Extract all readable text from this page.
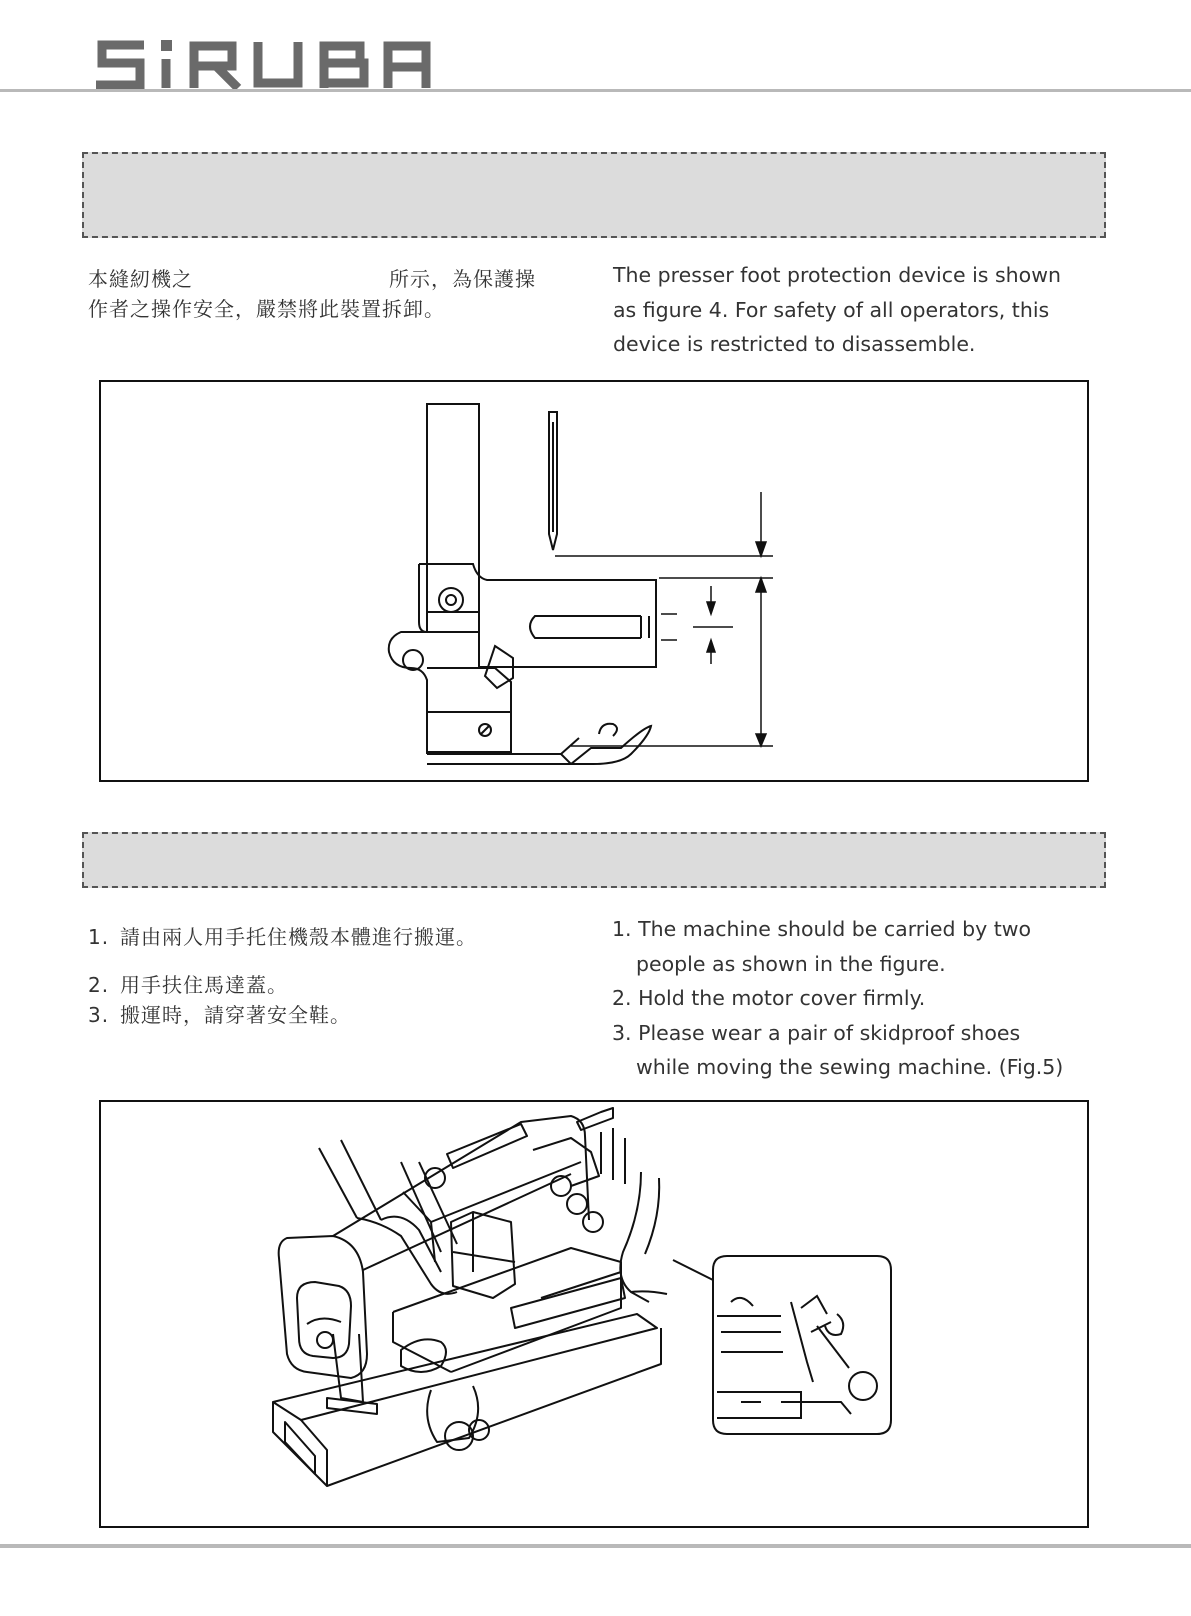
SiRUBA
本縫紉機之	所示，為保護操
作者之操作安全，嚴禁將此裝置拆卸。

The presser foot protection device is shown

as figure 4. For safety of all operators, this

device is restricted to disassemble.

1. 請由兩人用手托住機殼本體進行搬運。
2. 用手扶住馬達蓋。
3. 搬運時，請穿著安全鞋。

1. The machine should be carried by two

people as shown in the figure.

2. Hold the motor cover firmly.

3. Please wear a pair of skidproof shoes

while moving the sewing machine. (Fig.5)

SIRUBA
